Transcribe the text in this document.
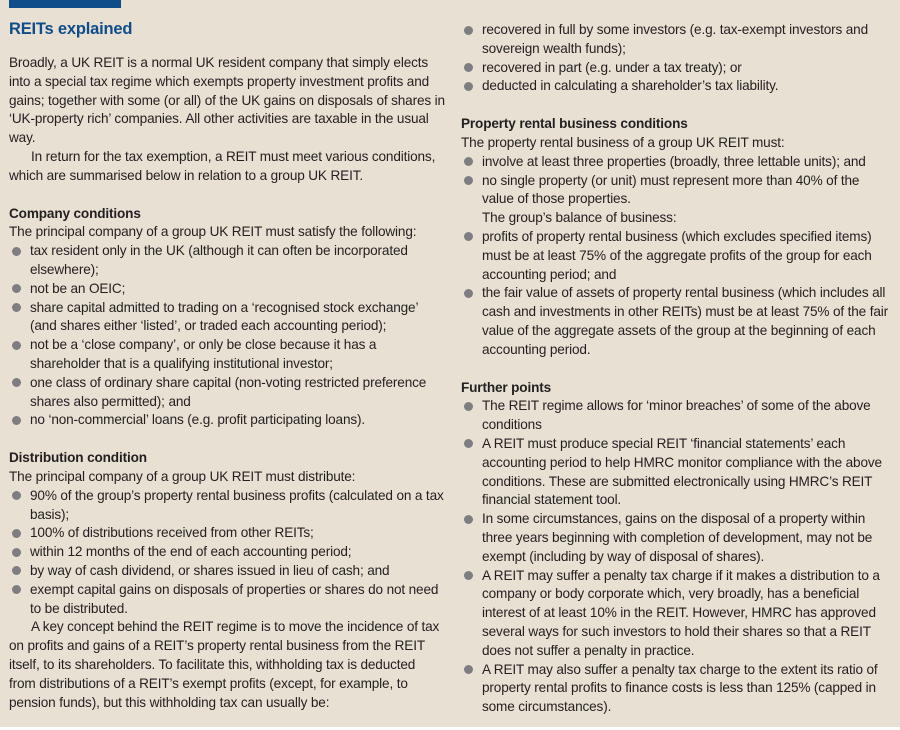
REITs explained

Broadly, a UK REIT is a normal UK resident company that simply elects into a special tax regime which exempts property investment profits and gains; together with some (or all) of the UK gains on disposals of shares in ‘UK-property rich’ companies. All other activities are taxable in the usual way.

In return for the tax exemption, a REIT must meet various conditions, which are summarised below in relation to a group UK REIT.

Company conditions

The principal company of a group UK REIT must satisfy the following:

tax resident only in the UK (although it can often be incorporated elsewhere);
not be an OEIC;
share capital admitted to trading on a ‘recognised stock exchange’ (and shares either ‘listed’, or traded each accounting period);
not be a ‘close company’, or only be close because it has a shareholder that is a qualifying institutional investor;
one class of ordinary share capital (non-voting restricted preference shares also permitted); and
no ‘non-commercial’ loans (e.g. profit participating loans).
Distribution condition

The principal company of a group UK REIT must distribute:

90% of the group’s property rental business profits (calculated on a tax basis);
100% of distributions received from other REITs;
within 12 months of the end of each accounting period;
by way of cash dividend, or shares issued in lieu of cash; and
exempt capital gains on disposals of properties or shares do not need to be distributed.

A key concept behind the REIT regime is to move the incidence of tax on profits and gains of a REIT’s property rental business from the REIT itself, to its shareholders. To facilitate this, withholding tax is deducted from distributions of a REIT’s exempt profits (except, for example, to pension funds), but this withholding tax can usually be:

recovered in full by some investors (e.g. tax-exempt investors and sovereign wealth funds);
recovered in part (e.g. under a tax treaty); or
deducted in calculating a shareholder’s tax liability.
Property rental business conditions

The property rental business of a group UK REIT must:

involve at least three properties (broadly, three lettable units); and
no single property (or unit) must represent more than 40% of the value of those properties.

The group’s balance of business:

profits of property rental business (which excludes specified items) must be at least 75% of the aggregate profits of the group for each accounting period; and
the fair value of assets of property rental business (which includes all cash and investments in other REITs) must be at least 75% of the fair value of the aggregate assets of the group at the beginning of each accounting period.
Further points
The REIT regime allows for ‘minor breaches’ of some of the above conditions
A REIT must produce special REIT ‘financial statements’ each accounting period to help HMRC monitor compliance with the above conditions. These are submitted electronically using HMRC’s REIT financial statement tool.
In some circumstances, gains on the disposal of a property within three years beginning with completion of development, may not be exempt (including by way of disposal of shares).
A REIT may suffer a penalty tax charge if it makes a distribution to a company or body corporate which, very broadly, has a beneficial interest of at least 10% in the REIT. However, HMRC has approved several ways for such investors to hold their shares so that a REIT does not suffer a penalty in practice.
A REIT may also suffer a penalty tax charge to the extent its ratio of property rental profits to finance costs is less than 125% (capped in some circumstances).
